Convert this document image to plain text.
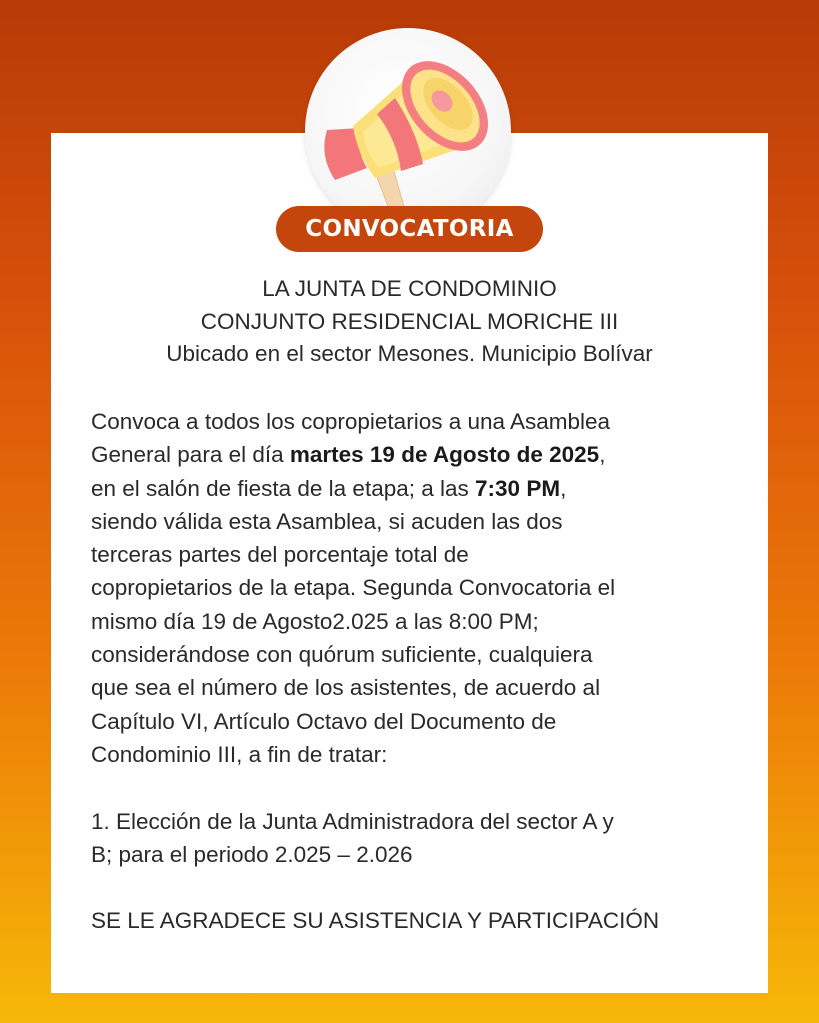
CONVOCATORIA
LA JUNTA DE CONDOMINIO
CONJUNTO RESIDENCIAL MORICHE III
Ubicado en el sector Mesones. Municipio Bolívar
Convoca a todos los copropietarios a una Asamblea
General para el día martes 19 de Agosto de 2025,
en el salón de fiesta de la etapa; a las 7:30 PM,
siendo válida esta Asamblea, si acuden las dos
terceras partes del porcentaje total de
copropietarios de la etapa. Segunda Convocatoria el
mismo día 19 de Agosto2.025 a las 8:00 PM;
considerándose con quórum suficiente, cualquiera
que sea el número de los asistentes, de acuerdo al
Capítulo VI, Artículo Octavo del Documento de
Condominio III, a fin de tratar:
1. Elección de la Junta Administradora del sector A y
B; para el periodo 2.025 – 2.026
SE LE AGRADECE SU ASISTENCIA Y PARTICIPACIÓN
